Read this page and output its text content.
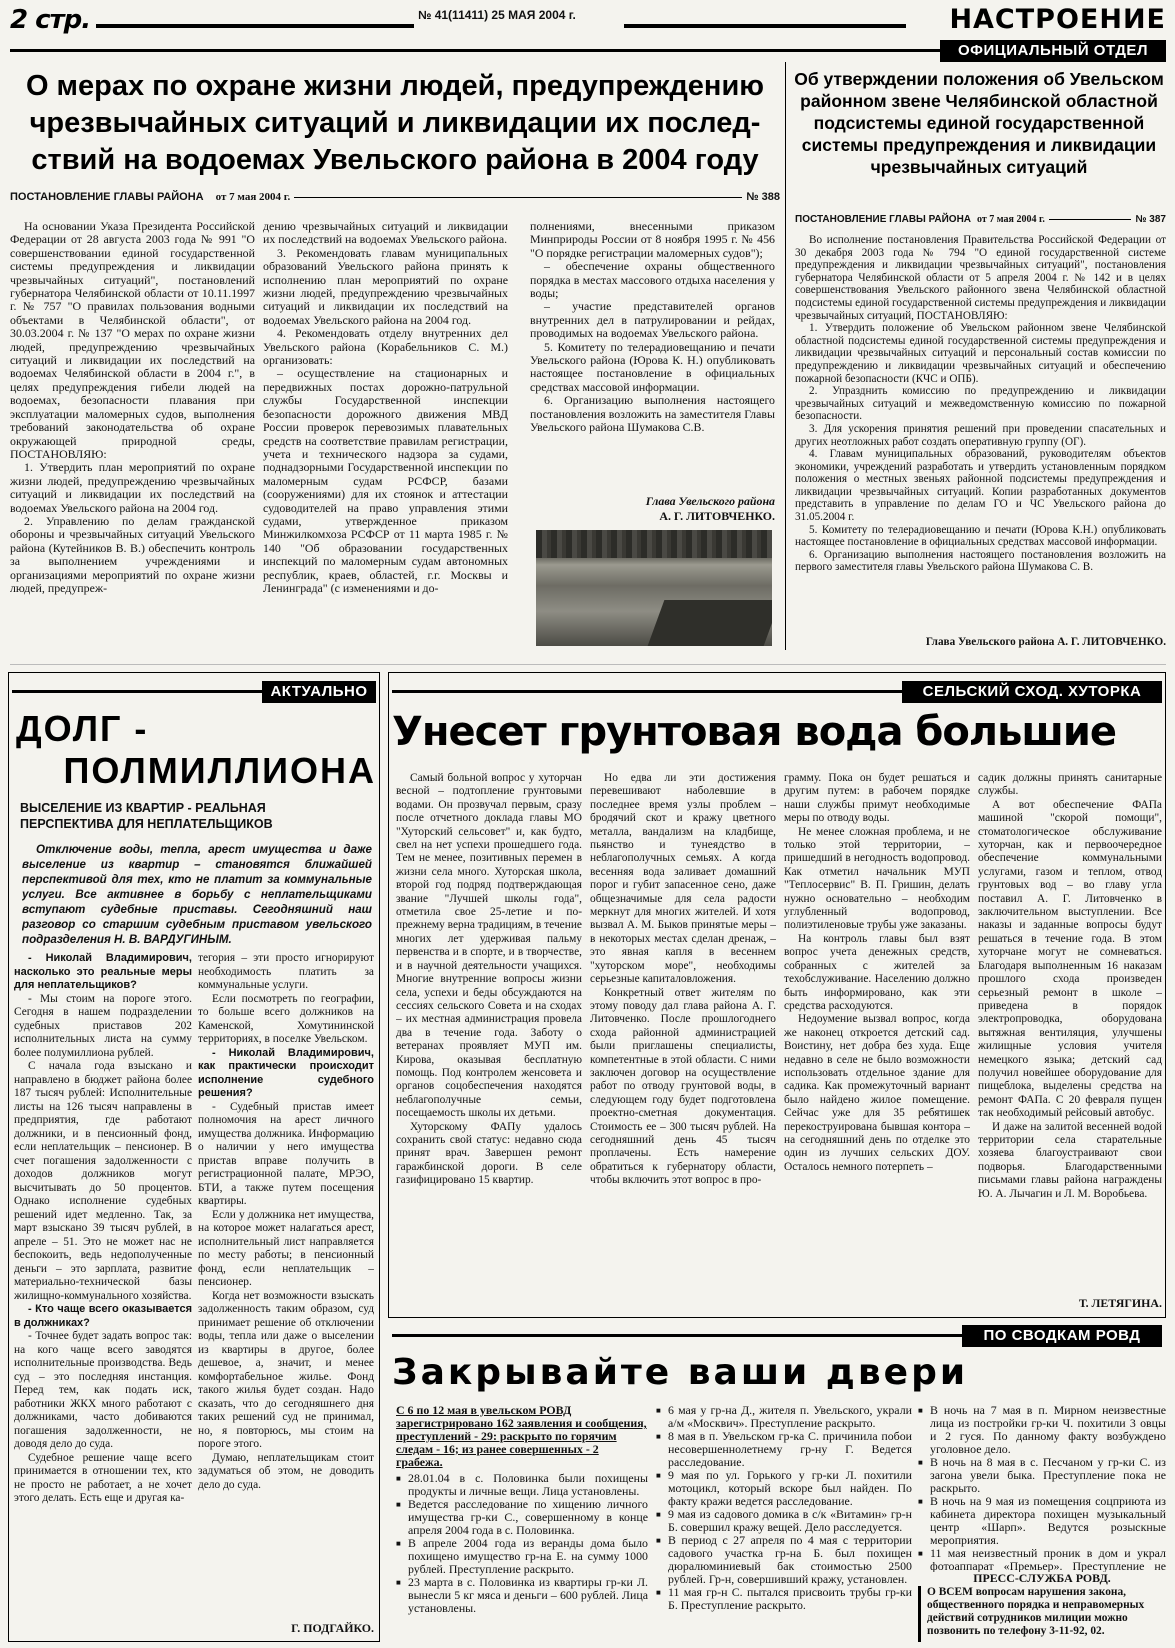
2 стр.	№ 41(11411) 25 МАЯ 2004 г.	НАСТРОЕНИЕ
ОФИЦИАЛЬНЫЙ ОТДЕЛ
О мерах по охране жизни людей, предупреждению чрезвычайных ситуаций и ликвидации их послед-ствий на водоемах Увельского района в 2004 году
ПОСТАНОВЛЕНИЕ ГЛАВЫ РАЙОНА от 7 мая 2004 г.	№ 388

На основании Указа Президента Российской Федерации от 28 августа 2003 года № 991 "О совершенствовании единой государственной системы предупреждения и ликвидации чрезвычайных ситуаций", постановлений губернатора Челябинской области от 10.11.1997 г. № 757 "О правилах пользования водными объектами в Челябинской области", от 30.03.2004 г. № 137 "О мерах по охране жизни людей, предупреждению чрезвычайных ситуаций и ликвидации их последствий на водоемах Челябинской области в 2004 г.", в целях предупреждения гибели людей на водоемах, безопасности плавания при эксплуатации маломерных судов, выполнения требований законодательства об охране окружающей природной среды, ПОСТАНОВЛЯЮ:

1. Утвердить план мероприятий по охране жизни людей, предупреждению чрезвычайных ситуаций и ликвидации их последствий на водоемах Увельского района на 2004 год.

2. Управлению по делам гражданской обороны и чрезвычайных ситуаций Увельского района (Кутейников В. В.) обеспечить контроль за выполнением учреждениями и организациями мероприятий по охране жизни людей, предупреж-

дению чрезвычайных ситуаций и ликвидации их последствий на водоемах Увельского района.

3. Рекомендовать главам муниципальных образований Увельского района принять к исполнению план мероприятий по охране жизни людей, предупреждению чрезвычайных ситуаций и ликвидации их последствий на водоемах Увельского района на 2004 год.

4. Рекомендовать отделу внутренних дел Увельского района (Корабельников С. М.) организовать:

– осуществление на стационарных и передвижных постах дорожно-патрульной службы Государственной инспекции безопасности дорожного движения МВД России проверок перевозимых плавательных средств на соответствие правилам регистрации, учета и технического надзора за судами, поднадзорными Государственной инспекции по маломерным судам РСФСР, базами (сооружениями) для их стоянок и аттестации судоводителей на право управления этими судами, утвержденное приказом Минжилкомхоза РСФСР от 11 марта 1985 г. № 140 "Об образовании государственных инспекций по маломерным судам автономных республик, краев, областей, г.г. Москвы и Ленинграда" (с изменениями и до-

полнениями, внесенными приказом Минприроды России от 8 ноября 1995 г. № 456 "О порядке регистрации маломерных судов");

– обеспечение охраны общественного порядка в местах массового отдыха населения у воды;

– участие представителей органов внутренних дел в патрулировании и рейдах, проводимых на водоемах Увельского района.

5. Комитету по телерадиовещанию и печати Увельского района (Юрова К. Н.) опубликовать настоящее постановление в официальных средствах массовой информации.

6. Организацию выполнения настоящего постановления возложить на заместителя Главы Увельского района Шумакова С.В.

Глава Увельского района
А. Г. ЛИТОВЧЕНКО.
Об утверждении положения об Увельском районном звене Челябинской областной подсистемы единой государственной системы предупреждения и ликвидации чрезвычайных ситуаций
ПОСТАНОВЛЕНИЕ ГЛАВЫ РАЙОНА от 7 мая 2004 г.	№ 387

Во исполнение постановления Правительства Российской Федерации от 30 декабря 2003 года № 794 "О единой государственной системе предупреждения и ликвидации чрезвычайных ситуаций", постановления губернатора Челябинской области от 5 апреля 2004 г. № 142 и в целях совершенствования Увельского районного звена Челябинской областной подсистемы единой государственной системы предупреждения и ликвидации чрезвычайных ситуаций, ПОСТАНОВЛЯЮ:

1. Утвердить положение об Увельском районном звене Челябинской областной подсистемы единой государственной системы предупреждения и ликвидации чрезвычайных ситуаций и персональный состав комиссии по предупреждению и ликвидации чрезвычайных ситуаций и обеспечению пожарной безопасности (КЧС и ОПБ).

2. Упразднить комиссию по предупреждению и ликвидации чрезвычайных ситуаций и межведомственную комиссию по пожарной безопасности.

3. Для ускорения принятия решений при проведении спасательных и других неотложных работ создать оперативную группу (ОГ).

4. Главам муниципальных образований, руководителям объектов экономики, учреждений разработать и утвердить установленным порядком положения о местных звеньях районной подсистемы предупреждения и ликвидации чрезвычайных ситуаций. Копии разработанных документов представить в управление по делам ГО и ЧС Увельского района до 31.05.2004 г.

5. Комитету по телерадиовещанию и печати (Юрова К.Н.) опубликовать настоящее постановление в официальных средствах массовой информации.

6. Организацию выполнения настоящего постановления возложить на первого заместителя главы Увельского района Шумакова С. В.

Глава Увельского района А. Г. ЛИТОВЧЕНКО.
АКТУАЛЬНО
ДОЛГ -
ПОЛМИЛЛИОНА
ВЫСЕЛЕНИЕ ИЗ КВАРТИР - РЕАЛЬНАЯ ПЕРСПЕКТИВА ДЛЯ НЕПЛАТЕЛЬЩИКОВ
Отключение воды, тепла, арест имущества и даже выселение из квартир – становятся ближайшей перспективой для тех, кто не платит за коммунальные услуги. Все активнее в борьбу с неплательщиками вступают судебные приставы. Сегодняшний наш разговор со старшим судебным приставом увельского подразделения Н. В. ВАРДУГИНЫМ.

- Николай Владимирович, насколько это реальные меры для неплательщиков?

- Мы стоим на пороге этого. Сегодня в нашем подразделении судебных приставов 202 исполнительных листа на сумму более полумиллиона рублей.

С начала года взыскано и направлено в бюджет района более 187 тысяч рублей: Исполнительные листы на 126 тысяч направлены в предприятия, где работают должники, и в пенсионный фонд, если неплательщик – пенсионер. В счет погашения задолженности с доходов должников могут высчитывать до 50 процентов. Однако исполнение судебных решений идет медленно. Так, за март взыскано 39 тысяч рублей, в апреле – 51. Это не может нас не беспокоить, ведь недополученные деньги – это зарплата, развитие материально-технической базы жилищно-коммунального хозяйства.

- Кто чаще всего оказывается в должниках?

- Точнее будет задать вопрос так: на кого чаще всего заводятся исполнительные производства. Ведь суд – это последняя инстанция. Перед тем, как подать иск, работники ЖКХ много работают с должниками, часто добиваются погашения задолженности, не доводя дело до суда.

Судебное решение чаще всего принимается в отношении тех, кто не просто не работает, а не хочет этого делать. Есть еще и другая ка-

тегория – эти просто игнорируют необходимость платить за коммунальные услуги.

Если посмотреть по географии, то больше всего должников на Каменской, Хомутининской территориях, в поселке Увельском.

- Николай Владимирович, как практически происходит исполнение судебного решения?

- Судебный пристав имеет полномочия на арест личного имущества должника. Информацию о наличии у него имущества пристав вправе получить в регистрационной палате, МРЭО, БТИ, а также путем посещения квартиры.

Если у должника нет имущества, на которое может налагаться арест, исполнительный лист направляется по месту работы; в пенсионный фонд, если неплательщик – пенсионер.

Когда нет возможности взыскать задолженность таким образом, суд принимает решение об отключении воды, тепла или даже о выселении из квартиры в другое, более дешевое, а, значит, и менее комфортабельное жилье. Фонд такого жилья будет создан. Надо сказать, что до сегодняшнего дня таких решений суд не принимал, но, я повторюсь, мы стоим на пороге этого.

Думаю, неплательщикам стоит задуматься об этом, не доводить дело до суда.

Г. ПОДГАЙКО.
СЕЛЬСКИЙ СХОД. ХУТОРКА
Унесет грунтовая вода большие

Самый больной вопрос у хуторчан весной – подтопление грунтовыми водами. Он прозвучал первым, сразу после отчетного доклада главы МО "Хуторский сельсовет" и, как будто, свел на нет успехи прошедшего года. Тем не менее, позитивных перемен в жизни села много. Хуторская школа, второй год подряд подтверждающая звание "Лучшей школы года", отметила свое 25-летие и по-прежнему верна традициям, в течение многих лет удерживая пальму первенства и в спорте, и в творчестве, и в научной деятельности учащихся. Многие внутренние вопросы жизни села, успехи и беды обсуждаются на сессиях сельского Совета и на сходах – их местная администрация провела два в течение года. Заботу о ветеранах проявляет МУП им. Кирова, оказывая бесплатную помощь. Под контролем женсовета и органов соцобеспечения находятся неблагополучные семьи, посещаемость школы их детьми.

Хуторскому ФАПу удалось сохранить свой статус: недавно сюда принят врач. Завершен ремонт гаражбинской дороги. В селе газифицировано 15 квартир.

Но едва ли эти достижения перевешивают наболевшие в последнее время узлы проблем – бродячий скот и кражу цветного металла, вандализм на кладбище, пьянство и тунеядство в неблагополучных семьях. А когда весенняя вода заливает домашний порог и губит запасенное сено, даже общезначимые для села радости меркнут для многих жителей. И хотя вызвал А. М. Быков принятые меры – в некоторых местах сделан дренаж, – это явная капля в весеннем "хуторском море", необходимы серьезные капиталовложения.

Конкретный ответ жителям по этому поводу дал глава района А. Г. Литовченко. После прошлогоднего схода районной администрацией были приглашены специалисты, компетентные в этой области. С ними заключен договор на осуществление работ по отводу грунтовой воды, в следующем году будет подготовлена проектно-сметная документация. Стоимость ее – 300 тысяч рублей. На сегодняшний день 45 тысяч проплачены. Есть намерение обратиться к губернатору области, чтобы включить этот вопрос в про-

грамму. Пока он будет решаться и другим путем: в рабочем порядке наши службы примут необходимые меры по отводу воды.

Не менее сложная проблема, и не только этой территории, – пришедший в негодность водопровод. Как отметил начальник МУП "Теплосервис" В. П. Гришин, делать нужно основательно – необходим углубленный водопровод, полиэтиленовые трубы уже заказаны.

На контроль главы был взят вопрос учета денежных средств, собранных с жителей за техобслуживание. Населению должно быть информировано, как эти средства расходуются.

Недоумение вызвал вопрос, когда же наконец откроется детский сад. Воистину, нет добра без худа. Еще недавно в селе не было возможности использовать отдельное здание для садика. Как промежуточный вариант было найдено жилое помещение. Сейчас уже для 35 ребятишек перекоструирована бывшая контора – на сегодняшний день по отделке это один из лучших сельских ДОУ. Осталось немного потерпеть –

садик должны принять санитарные службы.

А вот обеспечение ФАПа машиной "скорой помощи", стоматологическое обслуживание хуторчан, как и первоочередное обеспечение коммунальными услугами, газом и теплом, отвод грунтовых вод – во главу угла поставил А. Г. Литовченко в заключительном выступлении. Все наказы и заданные вопросы будут решаться в течение года. В этом хуторчане могут не сомневаться. Благодаря выполненным 16 наказам прошлого схода произведен серьезный ремонт в школе – приведена в порядок электропроводка, оборудована вытяжная вентиляция, улучшены жилищные условия учителя немецкого языка; детский сад получил новейшее оборудование для пищеблока, выделены средства на ремонт ФАПа. С 20 февраля пущен так необходимый рейсовый автобус.

И даже на залитой весенней водой территории села старательные хозяева благоустраивают свои подворья. Благодарственными письмами главы района награждены Ю. А. Лычагин и Л. М. Воробьева.

Т. ЛЕТЯГИНА.
ПО СВОДКАМ РОВД
Закрывайте ваши двери
С 6 по 12 мая в увельском РОВД зарегистрировано 162 заявления и сообщения, преступлений - 29: раскрыто по горячим следам - 16; из ранее совершенных - 2 грабежа.

■ 28.01.04 в с. Половинка были похищены продукты и личные вещи. Лица установлены.

■ Ведется расследование по хищению личного имущества гр-ки С., совершенному в конце апреля 2004 года в с. Половинка.

■ В апреле 2004 года из веранды дома было похищено имущество гр-на Е. на сумму 1000 рублей. Преступление раскрыто.

■ 23 марта в с. Половинка из квартиры гр-ки Л. вынесли 5 кг мяса и деньги – 600 рублей. Лица установлены.

■ 6 мая у гр-на Д., жителя п. Увельского, украли а/м «Москвич». Преступление раскрыто.

■ 8 мая в п. Увельском гр-ка С. причинила побои несовершеннолетнему гр-ну Г. Ведется расследование.

■ 9 мая по ул. Горького у гр-ки Л. похитили мотоцикл, который вскоре был найден. По факту кражи ведется расследование.

■ 9 мая из садового домика в с/к «Витамин» гр-н Б. совершил кражу вещей. Дело расследуется.

■ В период с 27 апреля по 4 мая с территории садового участка гр-на Б. был похищен дюралюминиевый бак стоимостью 2500 рублей. Гр-н, совершивший кражу, установлен.

■ 11 мая гр-н С. пытался присвоить трубы гр-ки Б. Преступление раскрыто.

■ В ночь на 7 мая в п. Мирном неизвестные лица из постройки гр-ки Ч. похитили 3 овцы и 2 гуся. По данному факту возбуждено уголовное дело.

■ В ночь на 8 мая в с. Песчаном у гр-ки С. из загона увели быка. Преступление пока не раскрыто.

■ В ночь на 9 мая из помещения соцприюта из кабинета директора похищен музыкальный центр «Шарп». Ведутся розыскные мероприятия.

■ 11 мая неизвестный проник в дом и украл фотоаппарат «Премьер». Преступление не

ПРЕСС-СЛУЖБА РОВД.
О ВСЕМ вопросам нарушения закона, общественного порядка и неправомерных действий сотрудников милиции можно позвонить по телефону 3-11-92, 02.
